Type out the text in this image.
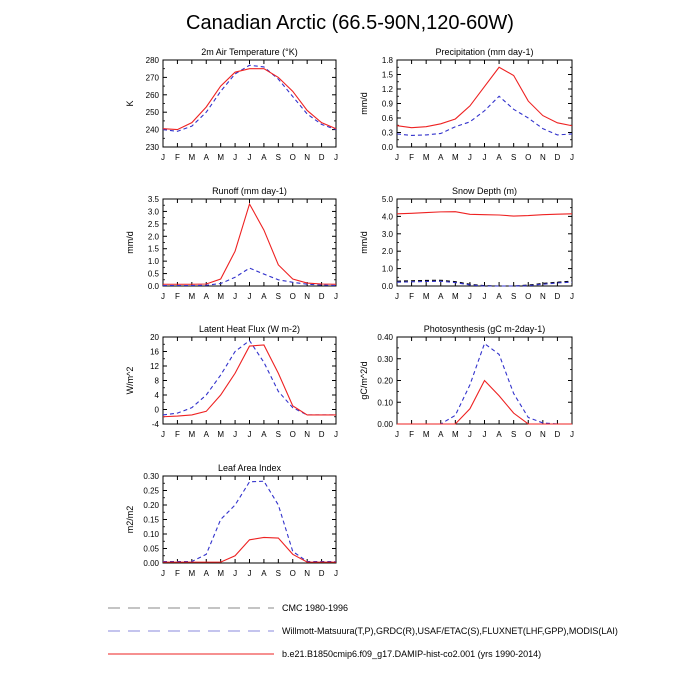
Canadian Arctic (66.5-90N,120-60W)
2m Air Temperature (°K)
230
240
250
260
270
280
K
J F M A M J J A S O N D J
Precipitation (mm day-1)
0.0
0.3
0.6
0.9
1.2
1.5
1.8
mm/d
J F M A M J J A S O N D J
Runoff (mm day-1)
0.0
0.5
1.0
1.5
2.0
2.5
3.0
3.5
mm/d
J F M A M J J A S O N D J
Snow Depth (m)
0.0
1.0
2.0
3.0
4.0
5.0
mm/d
J F M A M J J A S O N D J
Latent Heat Flux (W m-2)
-4
0
4
8
12
16
20
W/m^2
J F M A M J J A S O N D J
Photosynthesis (gC m-2day-1)
0.00
0.10
0.20
0.30
0.40
gC/m^2/d
J F M A M J J A S O N D J
Leaf Area Index
0.00
0.05
0.10
0.15
0.20
0.25
0.30
m2/m2
J F M A M J J A S O N D J
CMC 1980-1996
Willmott-Matsuura(T,P),GRDC(R),USAF/ETAC(S),FLUXNET(LHF,GPP),MODIS(LAI)
b.e21.B1850cmip6.f09_g17.DAMIP-hist-co2.001 (yrs 1990-2014)
